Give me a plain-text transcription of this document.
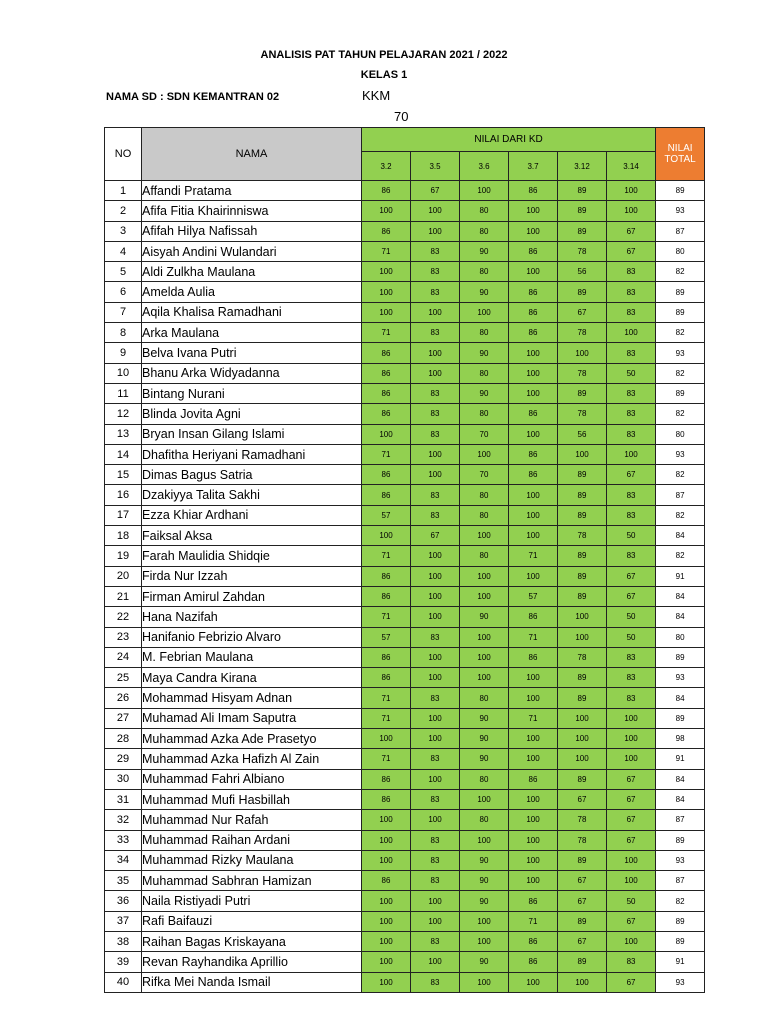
ANALISIS PAT TAHUN PELAJARAN 2021 / 2022
KELAS 1
NAMA SD : SDN KEMANTRAN 02	KKM
70
NO	NAMA	NILAI DARI KD						NILAI
TOTAL
		3.2	3.5	3.6	3.7	3.12	3.14	
1	Affandi Pratama	86	67	100	86	89	100	89
2	Afifa Fitia Khairinniswa	100	100	80	100	89	100	93
3	Afifah Hilya Nafissah	86	100	80	100	89	67	87
4	Aisyah Andini Wulandari	71	83	90	86	78	67	80
5	Aldi Zulkha Maulana	100	83	80	100	56	83	82
6	Amelda Aulia	100	83	90	86	89	83	89
7	Aqila Khalisa Ramadhani	100	100	100	86	67	83	89
8	Arka Maulana	71	83	80	86	78	100	82
9	Belva Ivana Putri	86	100	90	100	100	83	93
10	Bhanu Arka Widyadanna	86	100	80	100	78	50	82
11	Bintang Nurani	86	83	90	100	89	83	89
12	Blinda Jovita Agni	86	83	80	86	78	83	82
13	Bryan Insan Gilang Islami	100	83	70	100	56	83	80
14	Dhafitha Heriyani Ramadhani	71	100	100	86	100	100	93
15	Dimas Bagus Satria	86	100	70	86	89	67	82
16	Dzakiyya Talita Sakhi	86	83	80	100	89	83	87
17	Ezza Khiar Ardhani	57	83	80	100	89	83	82
18	Faiksal Aksa	100	67	100	100	78	50	84
19	Farah Maulidia Shidqie	71	100	80	71	89	83	82
20	Firda Nur Izzah	86	100	100	100	89	67	91
21	Firman Amirul Zahdan	86	100	100	57	89	67	84
22	Hana Nazifah	71	100	90	86	100	50	84
23	Hanifanio Febrizio Alvaro	57	83	100	71	100	50	80
24	M. Febrian Maulana	86	100	100	86	78	83	89
25	Maya Candra Kirana	86	100	100	100	89	83	93
26	Mohammad Hisyam Adnan	71	83	80	100	89	83	84
27	Muhamad Ali Imam Saputra	71	100	90	71	100	100	89
28	Muhammad Azka Ade Prasetyo	100	100	90	100	100	100	98
29	Muhammad Azka Hafizh Al Zain	71	83	90	100	100	100	91
30	Muhammad Fahri Albiano	86	100	80	86	89	67	84
31	Muhammad Mufi Hasbillah	86	83	100	100	67	67	84
32	Muhammad Nur Rafah	100	100	80	100	78	67	87
33	Muhammad Raihan Ardani	100	83	100	100	78	67	89
34	Muhammad Rizky Maulana	100	83	90	100	89	100	93
35	Muhammad Sabhran Hamizan	86	83	90	100	67	100	87
36	Naila Ristiyadi Putri	100	100	90	86	67	50	82
37	Rafi Baifauzi	100	100	100	71	89	67	89
38	Raihan Bagas Kriskayana	100	83	100	86	67	100	89
39	Revan Rayhandika Aprillio	100	100	90	86	89	83	91
40	Rifka Mei Nanda Ismail	100	83	100	100	100	67	93
